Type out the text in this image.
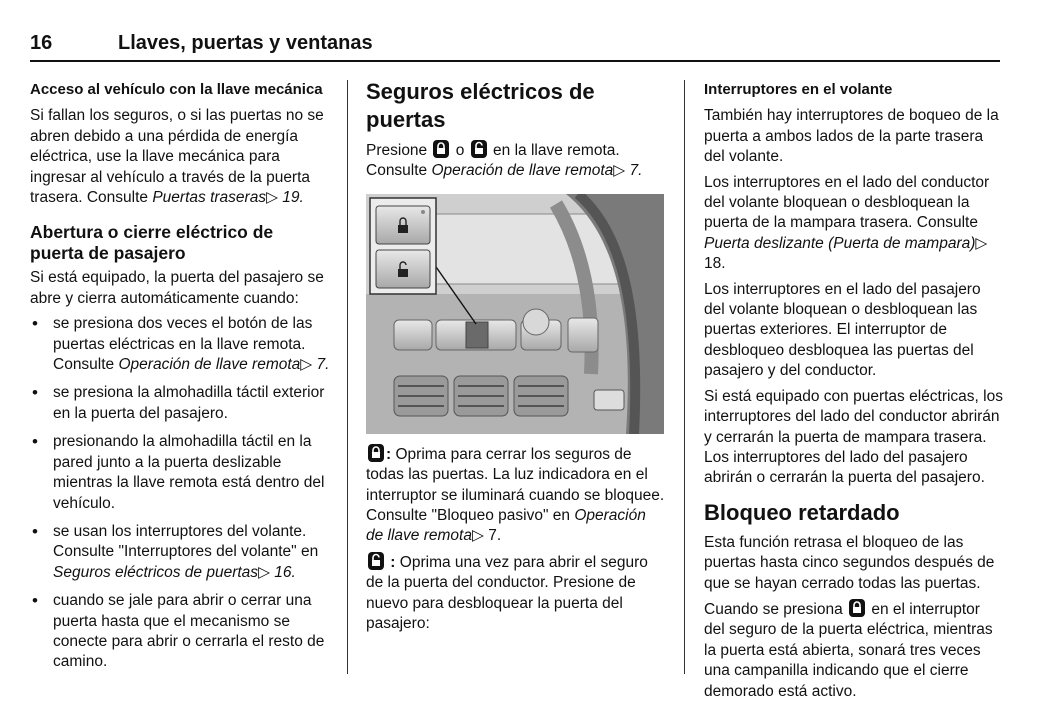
16	Llaves, puertas y ventanas
Acceso al vehículo con la llave mecánica

Si fallan los seguros, o si las puertas no se abren debido a una pérdida de energía eléctrica, use la llave mecánica para ingresar al vehículo a través de la puerta trasera. Consulte Puertas traseras▷ 19.

Abertura o cierre eléctrico de puerta de pasajero

Si está equipado, la puerta del pasajero se abre y cierra automáticamente cuando:

• se presiona dos veces el botón de las puertas eléctricas en la llave remota. Consulte Operación de llave remota▷ 7.
• se presiona la almohadilla táctil exterior en la puerta del pasajero.
• presionando la almohadilla táctil en la pared junto a la puerta deslizable mientras la llave remota está dentro del vehículo.
• se usan los interruptores del volante. Consulte "Interruptores del volante" en Seguros eléctricos de puertas▷ 16.
• cuando se jale para abrir o cerrar una puerta hasta que el mecanismo se conecte para abrir o cerrarla el resto de camino.
Seguros eléctricos de puertas

Presione  o  en la llave remota. Consulte Operación de llave remota▷ 7.

: Oprima para cerrar los seguros de todas las puertas. La luz indicadora en el interruptor se iluminará cuando se bloquee. Consulte "Bloqueo pasivo" en Operación de llave remota▷ 7.

: Oprima una vez para abrir el seguro de la puerta del conductor. Presione de nuevo para desbloquear la puerta del pasajero:

Interruptores en el volante

También hay interruptores de boqueo de la puerta a ambos lados de la parte trasera del volante.

Los interruptores en el lado del conductor del volante bloquean o desbloquean la puerta de la mampara trasera. Consulte Puerta deslizante (Puerta de mampara)▷ 18.

Los interruptores en el lado del pasajero del volante bloquean o desbloquean las puertas exteriores. El interruptor de desbloqueo desbloquea las puertas del pasajero y del conductor.

Si está equipado con puertas eléctricas, los interruptores del lado del conductor abrirán y cerrarán la puerta de mampara trasera. Los interruptores del lado del pasajero abrirán o cerrarán la puerta del pasajero.

Bloqueo retardado

Esta función retrasa el bloqueo de las puertas hasta cinco segundos después de que se hayan cerrado todas las puertas.

Cuando se presiona  en el interruptor del seguro de la puerta eléctrica, mientras la puerta está abierta, sonará tres veces una campanilla indicando que el cierre demorado está activo.
